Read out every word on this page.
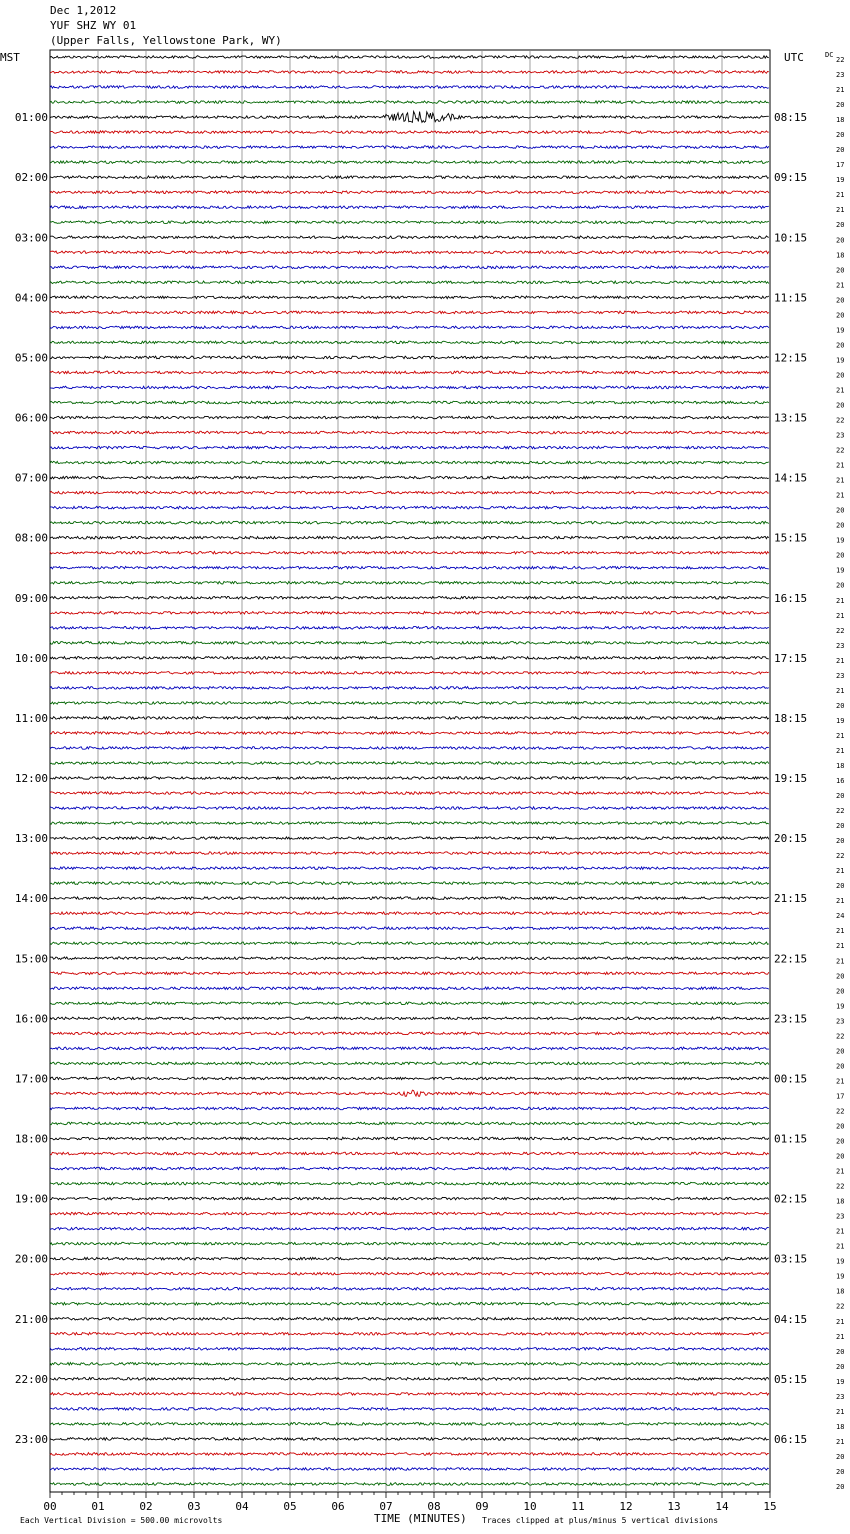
Dec 1,2012
YUF SHZ WY 01
(Upper Falls, Yellowstone Park, WY)
22
23
21
20
18
20
20
17
19
21
21
20
20
18
20
21
20
20
19
20
19
20
21
20
22
23
22
21
21
21
20
20
19
20
19
20
21
21
22
23
21
23
21
20
19
21
21
18
16
20
22
20
20
22
21
20
21
24
21
21
21
20
20
19
23
22
20
20
21
17
22
20
20
20
21
22
18
23
21
21
19
19
18
22
21
21
20
20
19
23
21
18
21
20
20
20
MST	UTC	DC
01:00
02:00
03:00
04:00
05:00
06:00
07:00
08:00
09:00
10:00
11:00
12:00
13:00
14:00
15:00
16:00
17:00
18:00
19:00
20:00
21:00
22:00
23:00
08:15
09:15
10:15
11:15
12:15
13:15
14:15
15:15
16:15
17:15
18:15
19:15
20:15
21:15
22:15
23:15
00:15
01:15
02:15
03:15
04:15
05:15
06:15
00	01	02	03	04	05	06	07	08	09	10	11	12	13	14	15
Each Vertical Division = 500.00 microvolts	TIME (MINUTES) Traces clipped at plus/minus 5 vertical divisions
